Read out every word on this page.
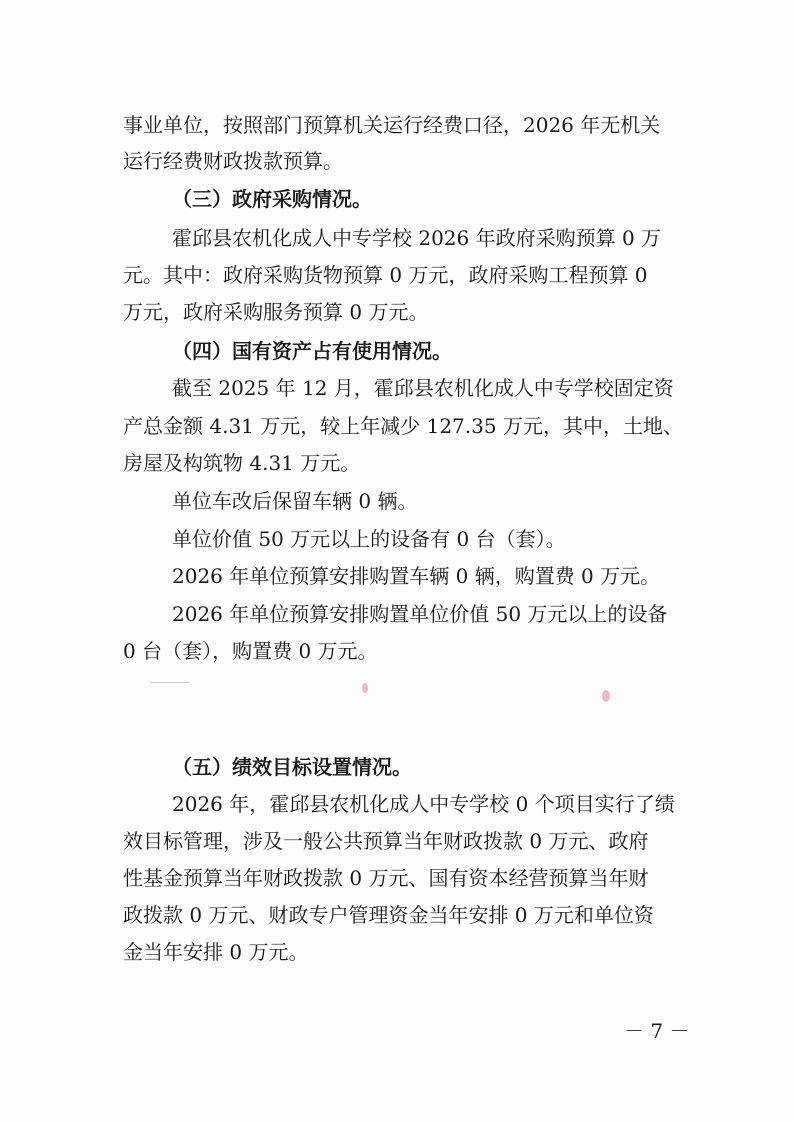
事业单位，按照部门预算机关运行经费口径，2026 年无机关
运行经费财政拨款预算。
（三）政府采购情况。
霍邱县农机化成人中专学校 2026 年政府采购预算 0 万
元。其中：政府采购货物预算 0 万元，政府采购工程预算 0
万元，政府采购服务预算 0 万元。
（四）国有资产占有使用情况。
截至 2025 年 12 月，霍邱县农机化成人中专学校固定资
产总金额 4.31 万元，较上年减少 127.35 万元，其中，土地、
房屋及构筑物 4.31 万元。
单位车改后保留车辆 0 辆。
单位价值 50 万元以上的设备有 0 台（套）。
2026 年单位预算安排购置车辆 0 辆，购置费 0 万元。
2026 年单位预算安排购置单位价值 50 万元以上的设备
0 台（套），购置费 0 万元。
（五）绩效目标设置情况。
2026 年，霍邱县农机化成人中专学校 0 个项目实行了绩
效目标管理，涉及一般公共预算当年财政拨款 0 万元、政府
性基金预算当年财政拨款 0 万元、国有资本经营预算当年财
政拨款 0 万元、财政专户管理资金当年安排 0 万元和单位资
金当年安排 0 万元。
－ 7 －
